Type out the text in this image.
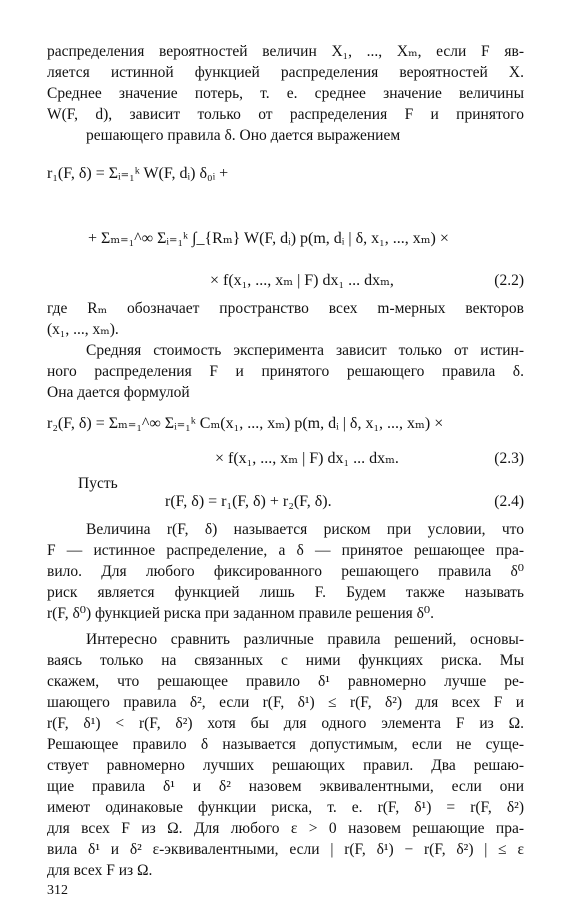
распределения вероятностей величин X₁, ..., Xₘ, если F яв-
ляется истинной функцией распределения вероятностей X.
Среднее значение потерь, т. е. среднее значение величины
W(F, d), зависит только от распределения F и принятого
решающего правила δ. Оно дается выражением
r₁(F, δ) = Σᵢ₌₁ᵏ W(F, dᵢ) δ₀ᵢ +
+ Σₘ₌₁^∞ Σᵢ₌₁ᵏ ∫_{Rₘ} W(F, dᵢ) p(m, dᵢ | δ, x₁, ..., xₘ) ×
× f(x₁, ..., xₘ | F) dx₁ ... dxₘ,	(2.2)
где Rₘ обозначает пространство всех m-мерных векторов
(x₁, ..., xₘ).
Средняя стоимость эксперимента зависит только от истин-
ного распределения F и принятого решающего правила δ.
Она дается формулой
r₂(F, δ) = Σₘ₌₁^∞ Σᵢ₌₁ᵏ Cₘ(x₁, ..., xₘ) p(m, dᵢ | δ, x₁, ..., xₘ) ×
× f(x₁, ..., xₘ | F) dx₁ ... dxₘ.	(2.3)
Пусть
r(F, δ) = r₁(F, δ) + r₂(F, δ).	(2.4)
Величина r(F, δ) называется риском при условии, что
F — истинное распределение, а δ — принятое решающее пра-
вило. Для любого фиксированного решающего правила δ⁰
риск является функцией лишь F. Будем также называть
r(F, δ⁰) функцией риска при заданном правиле решения δ⁰.
Интересно сравнить различные правила решений, основы-
ваясь только на связанных с ними функциях риска. Мы
скажем, что решающее правило δ¹ равномерно лучше ре-
шающего правила δ², если r(F, δ¹) ≤ r(F, δ²) для всех F и
r(F, δ¹) < r(F, δ²) хотя бы для одного элемента F из Ω.
Решающее правило δ называется допустимым, если не суще-
ствует равномерно лучших решающих правил. Два решаю-
щие правила δ¹ и δ² назовем эквивалентными, если они
имеют одинаковые функции риска, т. е. r(F, δ¹) = r(F, δ²)
для всех F из Ω. Для любого ε > 0 назовем решающие пра-
вила δ¹ и δ² ε-эквивалентными, если | r(F, δ¹) − r(F, δ²) | ≤ ε
для всех F из Ω.
312
